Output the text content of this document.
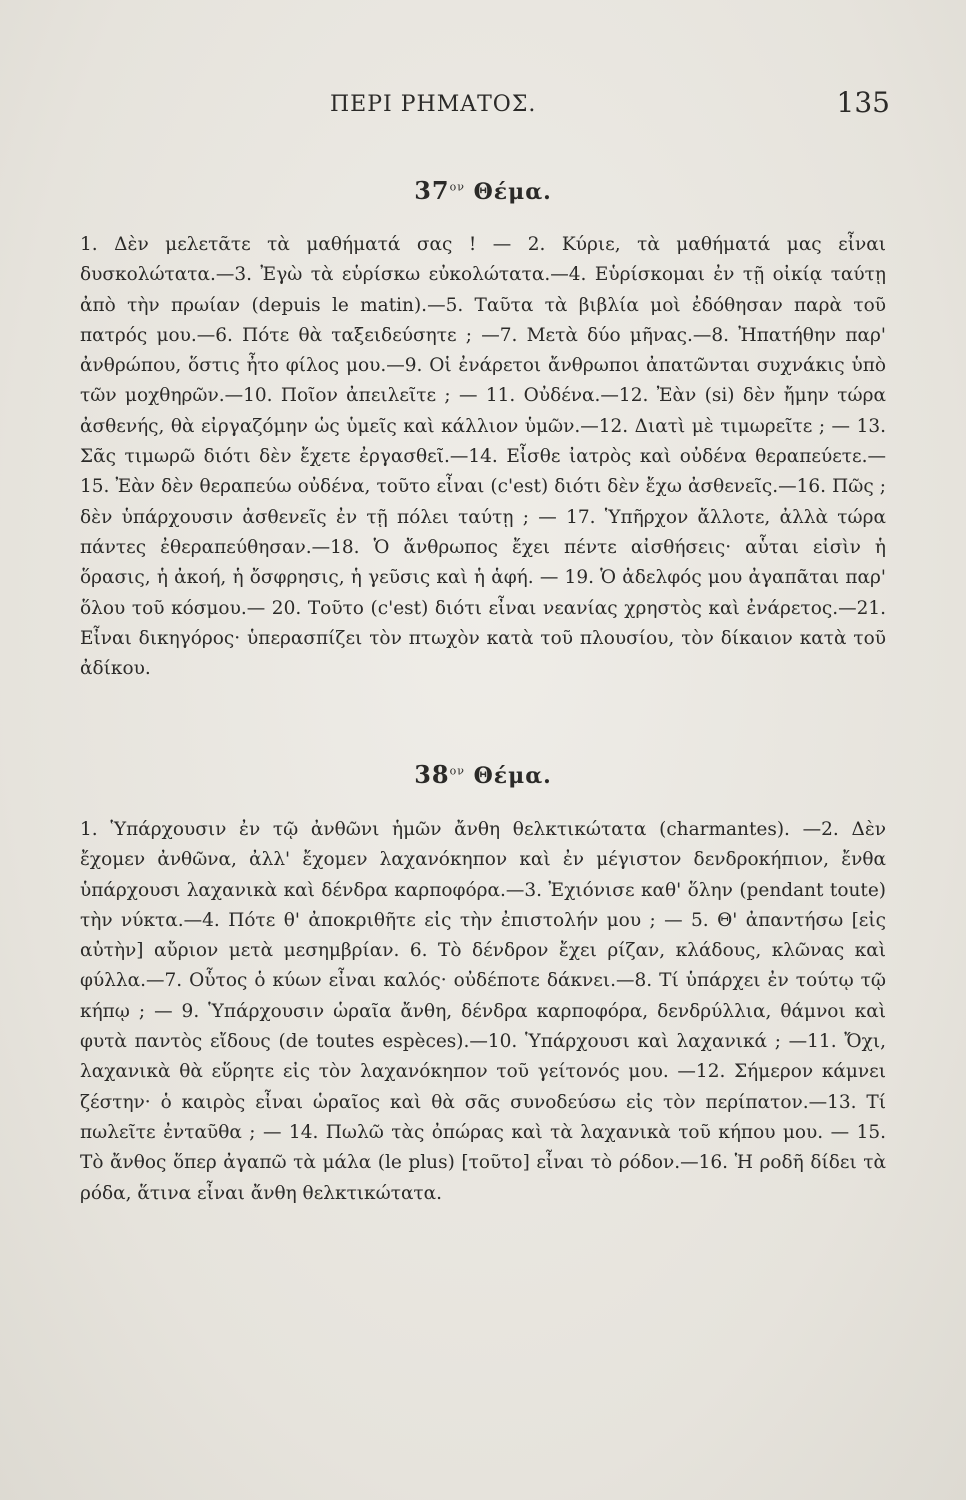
ΠΕΡΙ ΡΗΜΑΤΟΣ.	135
$37^{o\nu}$ Θέμα.
1. Δὲν μελετᾶτε τὰ μαθήματά σας ! — 2. Κύριε, τὰ μαθήματά μας εἶναι δυσκολώτατα.—3. Ἐγὼ τὰ εὑρίσκω εὐκολώτατα.—4. Εὑρίσκομαι ἐν τῇ οἰκίᾳ ταύτῃ ἀπὸ τὴν πρωίαν (depuis le matin).—5. Ταῦτα τὰ βιβλία μοὶ ἐδόθησαν παρὰ τοῦ πατρός μου.—6. Πότε θὰ ταξειδεύσητε ; —7. Μετὰ δύο μῆνας.—8. Ἠπατήθην παρ' ἀνθρώπου, ὅστις ἦτο φίλος μου.—9. Οἱ ἐνάρετοι ἄνθρωποι ἀπατῶνται συχνάκις ὑπὸ τῶν μοχθηρῶν.—10. Ποῖον ἀπειλεῖτε ; — 11. Οὐδένα.—12. Ἐὰν (si) δὲν ἤμην τώρα ἀσθενής, θὰ εἰργαζόμην ὡς ὑμεῖς καὶ κάλλιον ὑμῶν.—12. Διατὶ μὲ τιμωρεῖτε ; — 13. Σᾶς τιμωρῶ διότι δὲν ἔχετε ἐργασθεῖ.—14. Εἶσθε ἰατρὸς καὶ οὐδένα θεραπεύετε.—15. Ἐὰν δὲν θεραπεύω οὐδένα, τοῦτο εἶναι (c'est) διότι δὲν ἔχω ἀσθενεῖς.—16. Πῶς ; δὲν ὑπάρχουσιν ἀσθενεῖς ἐν τῇ πόλει ταύτῃ ; — 17. Ὑπῆρχον ἄλλοτε, ἀλλὰ τώρα πάντες ἐθεραπεύθησαν.—18. Ὁ ἄνθρωπος ἔχει πέντε αἰσθήσεις· αὗται εἰσὶν ἡ ὅρασις, ἡ ἀκοή, ἡ ὄσφρησις, ἡ γεῦσις καὶ ἡ ἁφή. — 19. Ὁ ἀδελφός μου ἀγαπᾶται παρ' ὅλου τοῦ κόσμου.— 20. Τοῦτο (c'est) διότι εἶναι νεανίας χρηστὸς καὶ ἐνάρετος.—21. Εἶναι δικηγόρος· ὑπερασπίζει τὸν πτωχὸν κατὰ τοῦ πλουσίου, τὸν δίκαιον κατὰ τοῦ ἀδίκου.
$38^{o\nu}$ Θέμα.
1. Ὑπάρχουσιν ἐν τῷ ἀνθῶνι ἡμῶν ἄνθη θελκτικώτατα (charmantes). —2. Δὲν ἔχομεν ἀνθῶνα, ἀλλ' ἔχομεν λαχανόκηπον καὶ ἐν μέγιστον δενδροκήπιον, ἔνθα ὑπάρχουσι λαχανικὰ καὶ δένδρα καρποφόρα.—3. Ἐχιόνισε καθ' ὅλην (pendant toute) τὴν νύκτα.—4. Πότε θ' ἀποκριθῆτε εἰς τὴν ἐπιστολήν μου ; — 5. Θ' ἀπαντήσω [εἰς αὐτὴν] αὔριον μετὰ μεσημβρίαν. 6. Τὸ δένδρον ἔχει ρίζαν, κλάδους, κλῶνας καὶ φύλλα.—7. Οὗτος ὁ κύων εἶναι καλός· οὐδέποτε δάκνει.—8. Τί ὑπάρχει ἐν τούτῳ τῷ κήπῳ ; — 9. Ὑπάρχουσιν ὡραῖα ἄνθη, δένδρα καρποφόρα, δενδρύλλια, θάμνοι καὶ φυτὰ παντὸς εἴδους (de toutes espèces).—10. Ὑπάρχουσι καὶ λαχανικά ; —11. Ὄχι, λαχανικὰ θὰ εὕρητε εἰς τὸν λαχανόκηπον τοῦ γείτονός μου. —12. Σήμερον κάμνει ζέστην· ὁ καιρὸς εἶναι ὡραῖος καὶ θὰ σᾶς συνοδεύσω εἰς τὸν περίπατον.—13. Τί πωλεῖτε ἐνταῦθα ; — 14. Πωλῶ τὰς ὀπώρας καὶ τὰ λαχανικὰ τοῦ κήπου μου. — 15. Τὸ ἄνθος ὅπερ ἀγαπῶ τὰ μάλα (le plus) [τοῦτο] εἶναι τὸ ρόδον.—16. Ἡ ροδῆ δίδει τὰ ρόδα, ἅτινα εἶναι ἄνθη θελκτικώτατα.
